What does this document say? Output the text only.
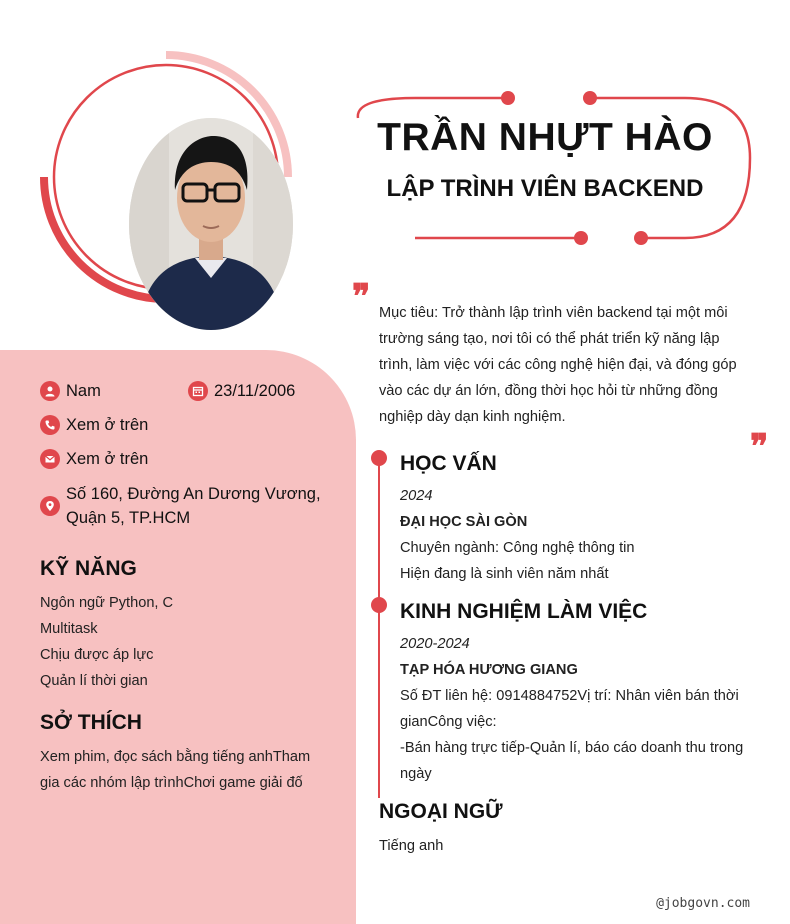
TRẦN NHỰT HÀO
LẬP TRÌNH VIÊN BACKEND
❞ Mục tiêu: Trở thành lập trình viên backend tại một môi trường sáng tạo, nơi tôi có thể phát triển kỹ năng lập trình, làm việc với các công nghệ hiện đại, và đóng góp vào các dự án lớn, đồng thời học hỏi từ những đồng nghiệp dày dạn kinh nghiệm.
❞
Nam	23/11/2006
Xem ở trên
Xem ở trên
Số 160, Đường An Dương Vương, Quận 5, TP.HCM
KỸ NĂNG
Ngôn ngữ Python, C
Multitask
Chịu được áp lực
Quản lí thời gian
SỞ THÍCH
Xem phim, đọc sách bằng tiếng anhTham gia các nhóm lập trìnhChơi game giải đố
HỌC VẤN
2024
ĐẠI HỌC SÀI GÒN
Chuyên ngành: Công nghệ thông tin
Hiện đang là sinh viên năm nhất
KINH NGHIỆM LÀM VIỆC
2020-2024
TẠP HÓA HƯƠNG GIANG
Số ĐT liên hệ: 0914884752Vị trí: Nhân viên bán thời gianCông việc:
-Bán hàng trực tiếp-Quản lí, báo cáo doanh thu trong ngày
NGOẠI NGỮ
Tiếng anh
@jobgovn.com
